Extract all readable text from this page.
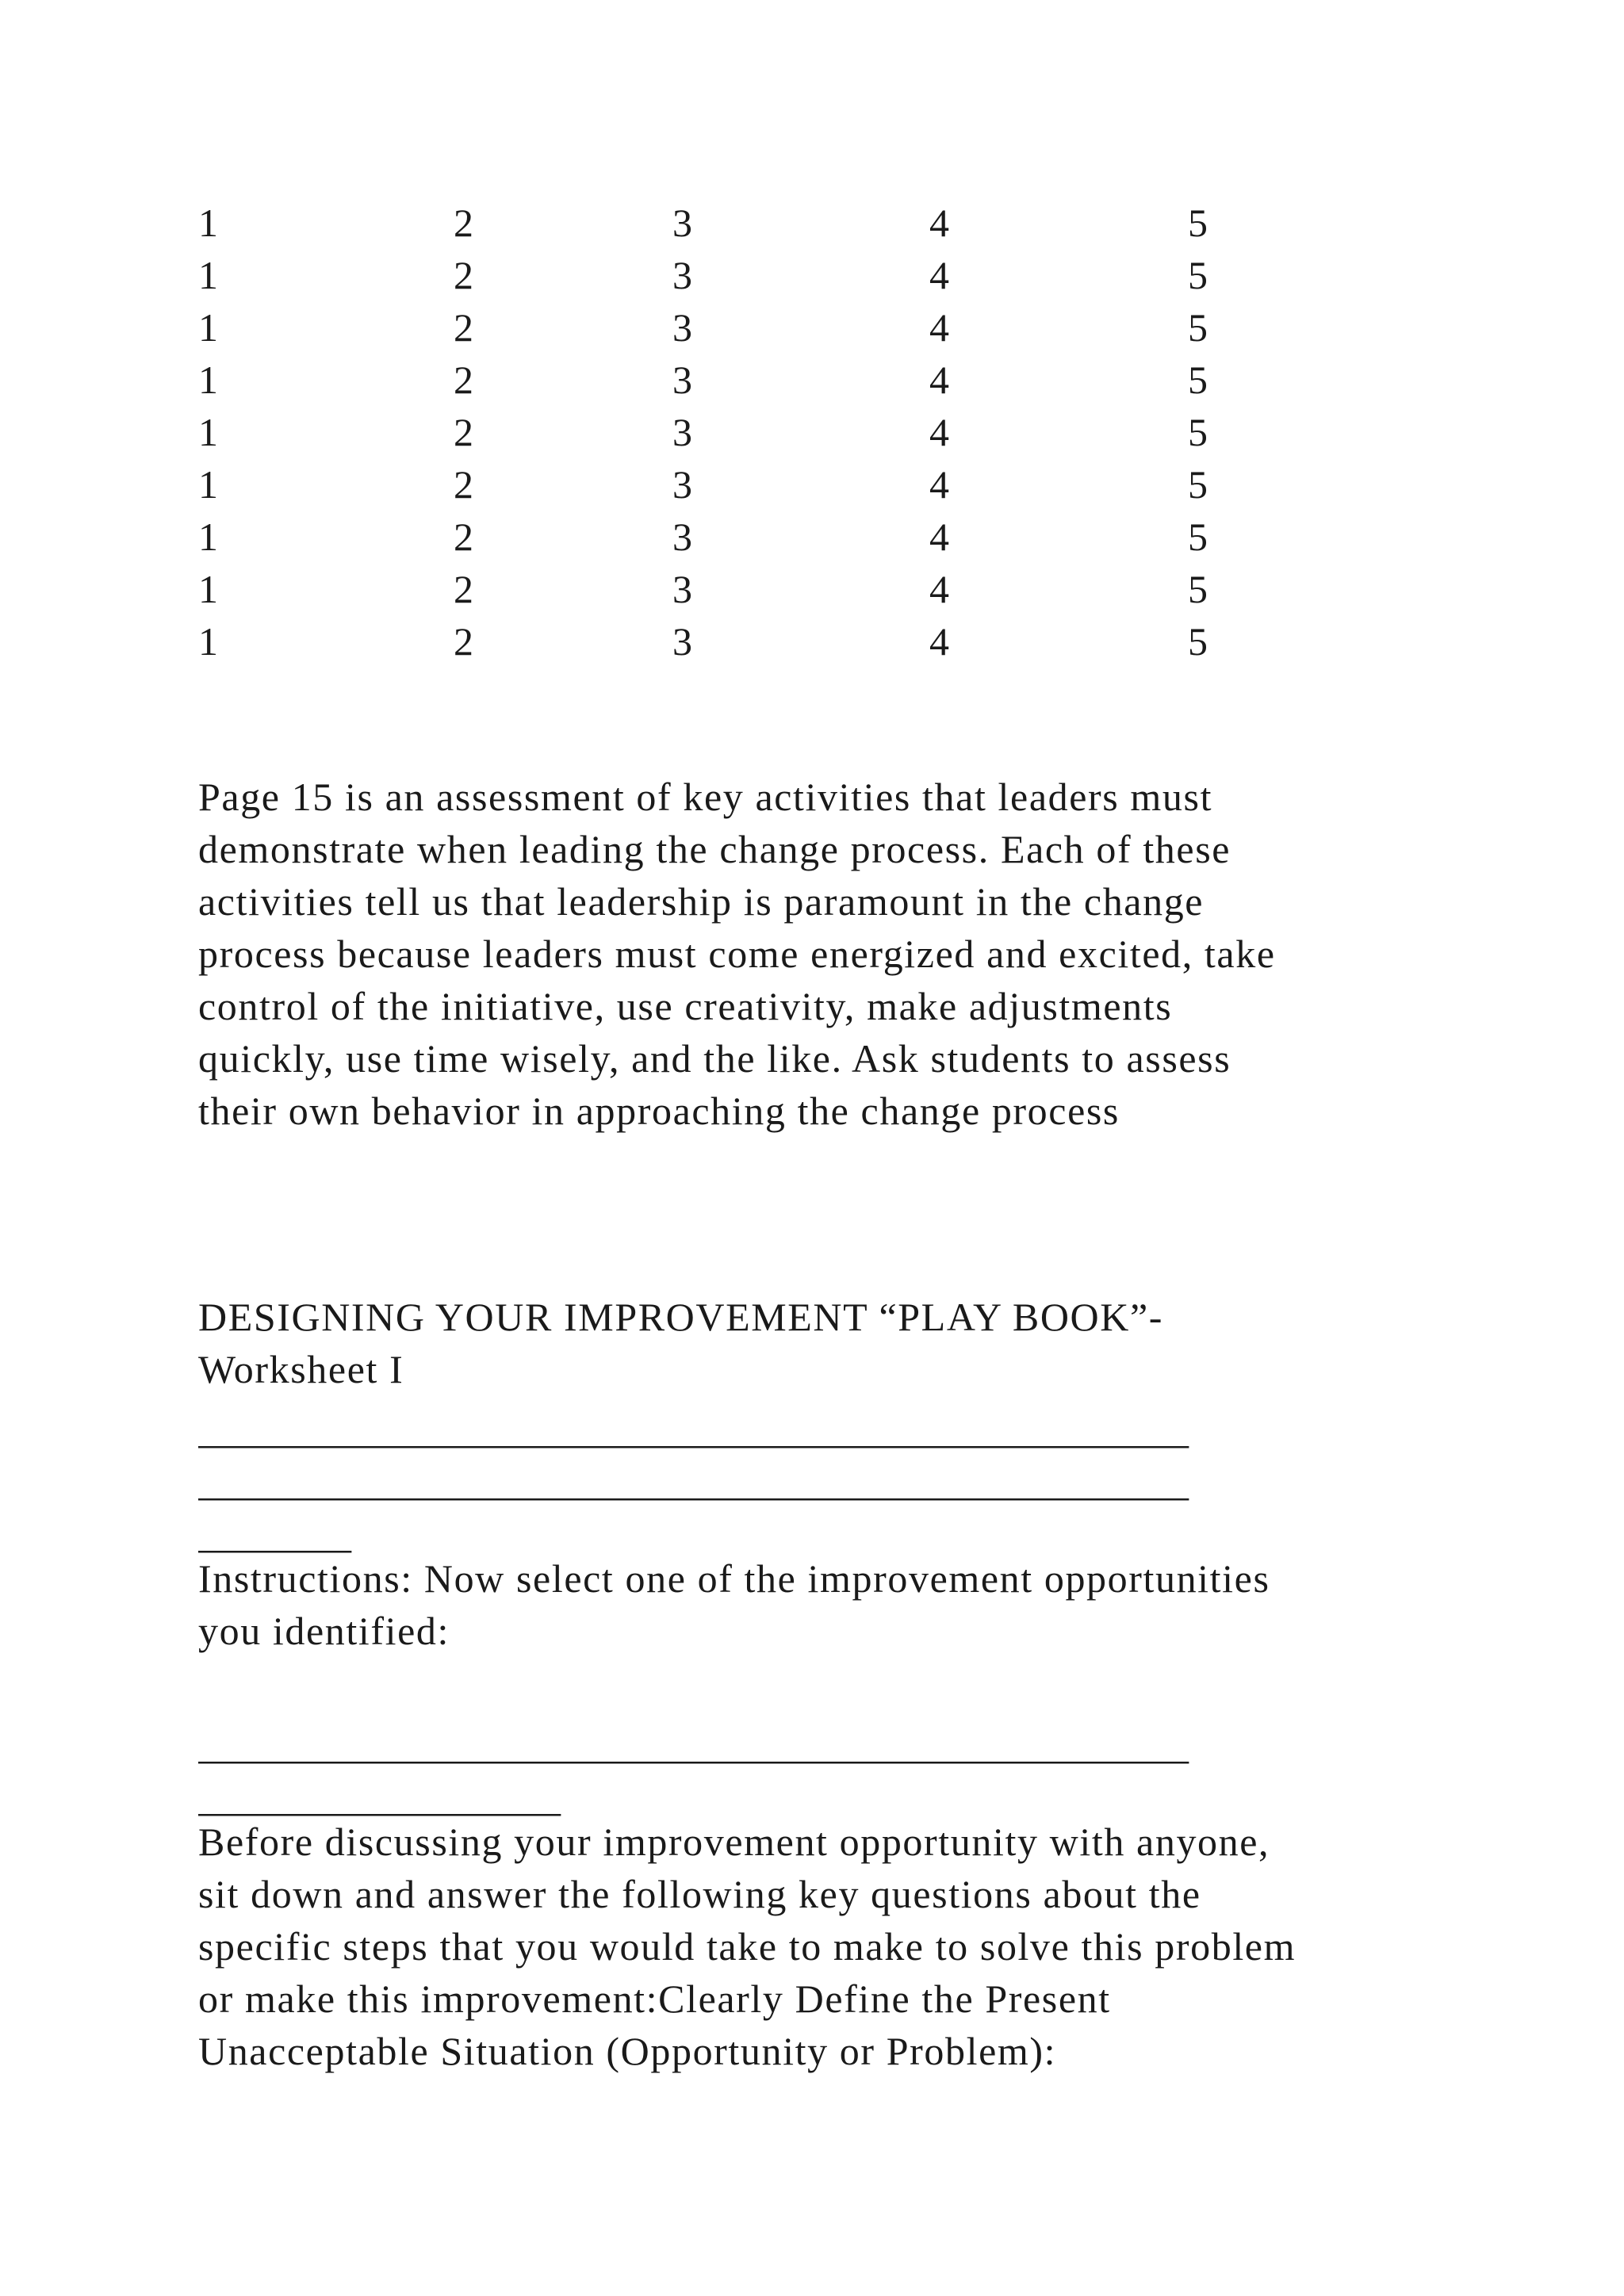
1	2	3	4	5
1	2	3	4	5
1	2	3	4	5
1	2	3	4	5
1	2	3	4	5
1	2	3	4	5
1	2	3	4	5
1	2	3	4	5
1	2	3	4	5

Page 15 is an assessment of key activities that leaders must
demonstrate when leading the change process. Each of these
activities tell us that leadership is paramount in the change
process because leaders must come energized and excited, take
control of the initiative, use creativity, make adjustments
quickly, use time wisely, and the like. Ask students to assess
their own behavior in approaching the change process

DESIGNING YOUR IMPROVEMENT “PLAY BOOK”-
Worksheet I

____________________________________________________
____________________________________________________
________

Instructions: Now select one of the improvement opportunities
you identified:

____________________________________________________
___________________

Before discussing your improvement opportunity with anyone,
sit down and answer the following key questions about the
specific steps that you would take to make to solve this problem
or make this improvement:Clearly Define the Present
Unacceptable Situation (Opportunity or Problem):
